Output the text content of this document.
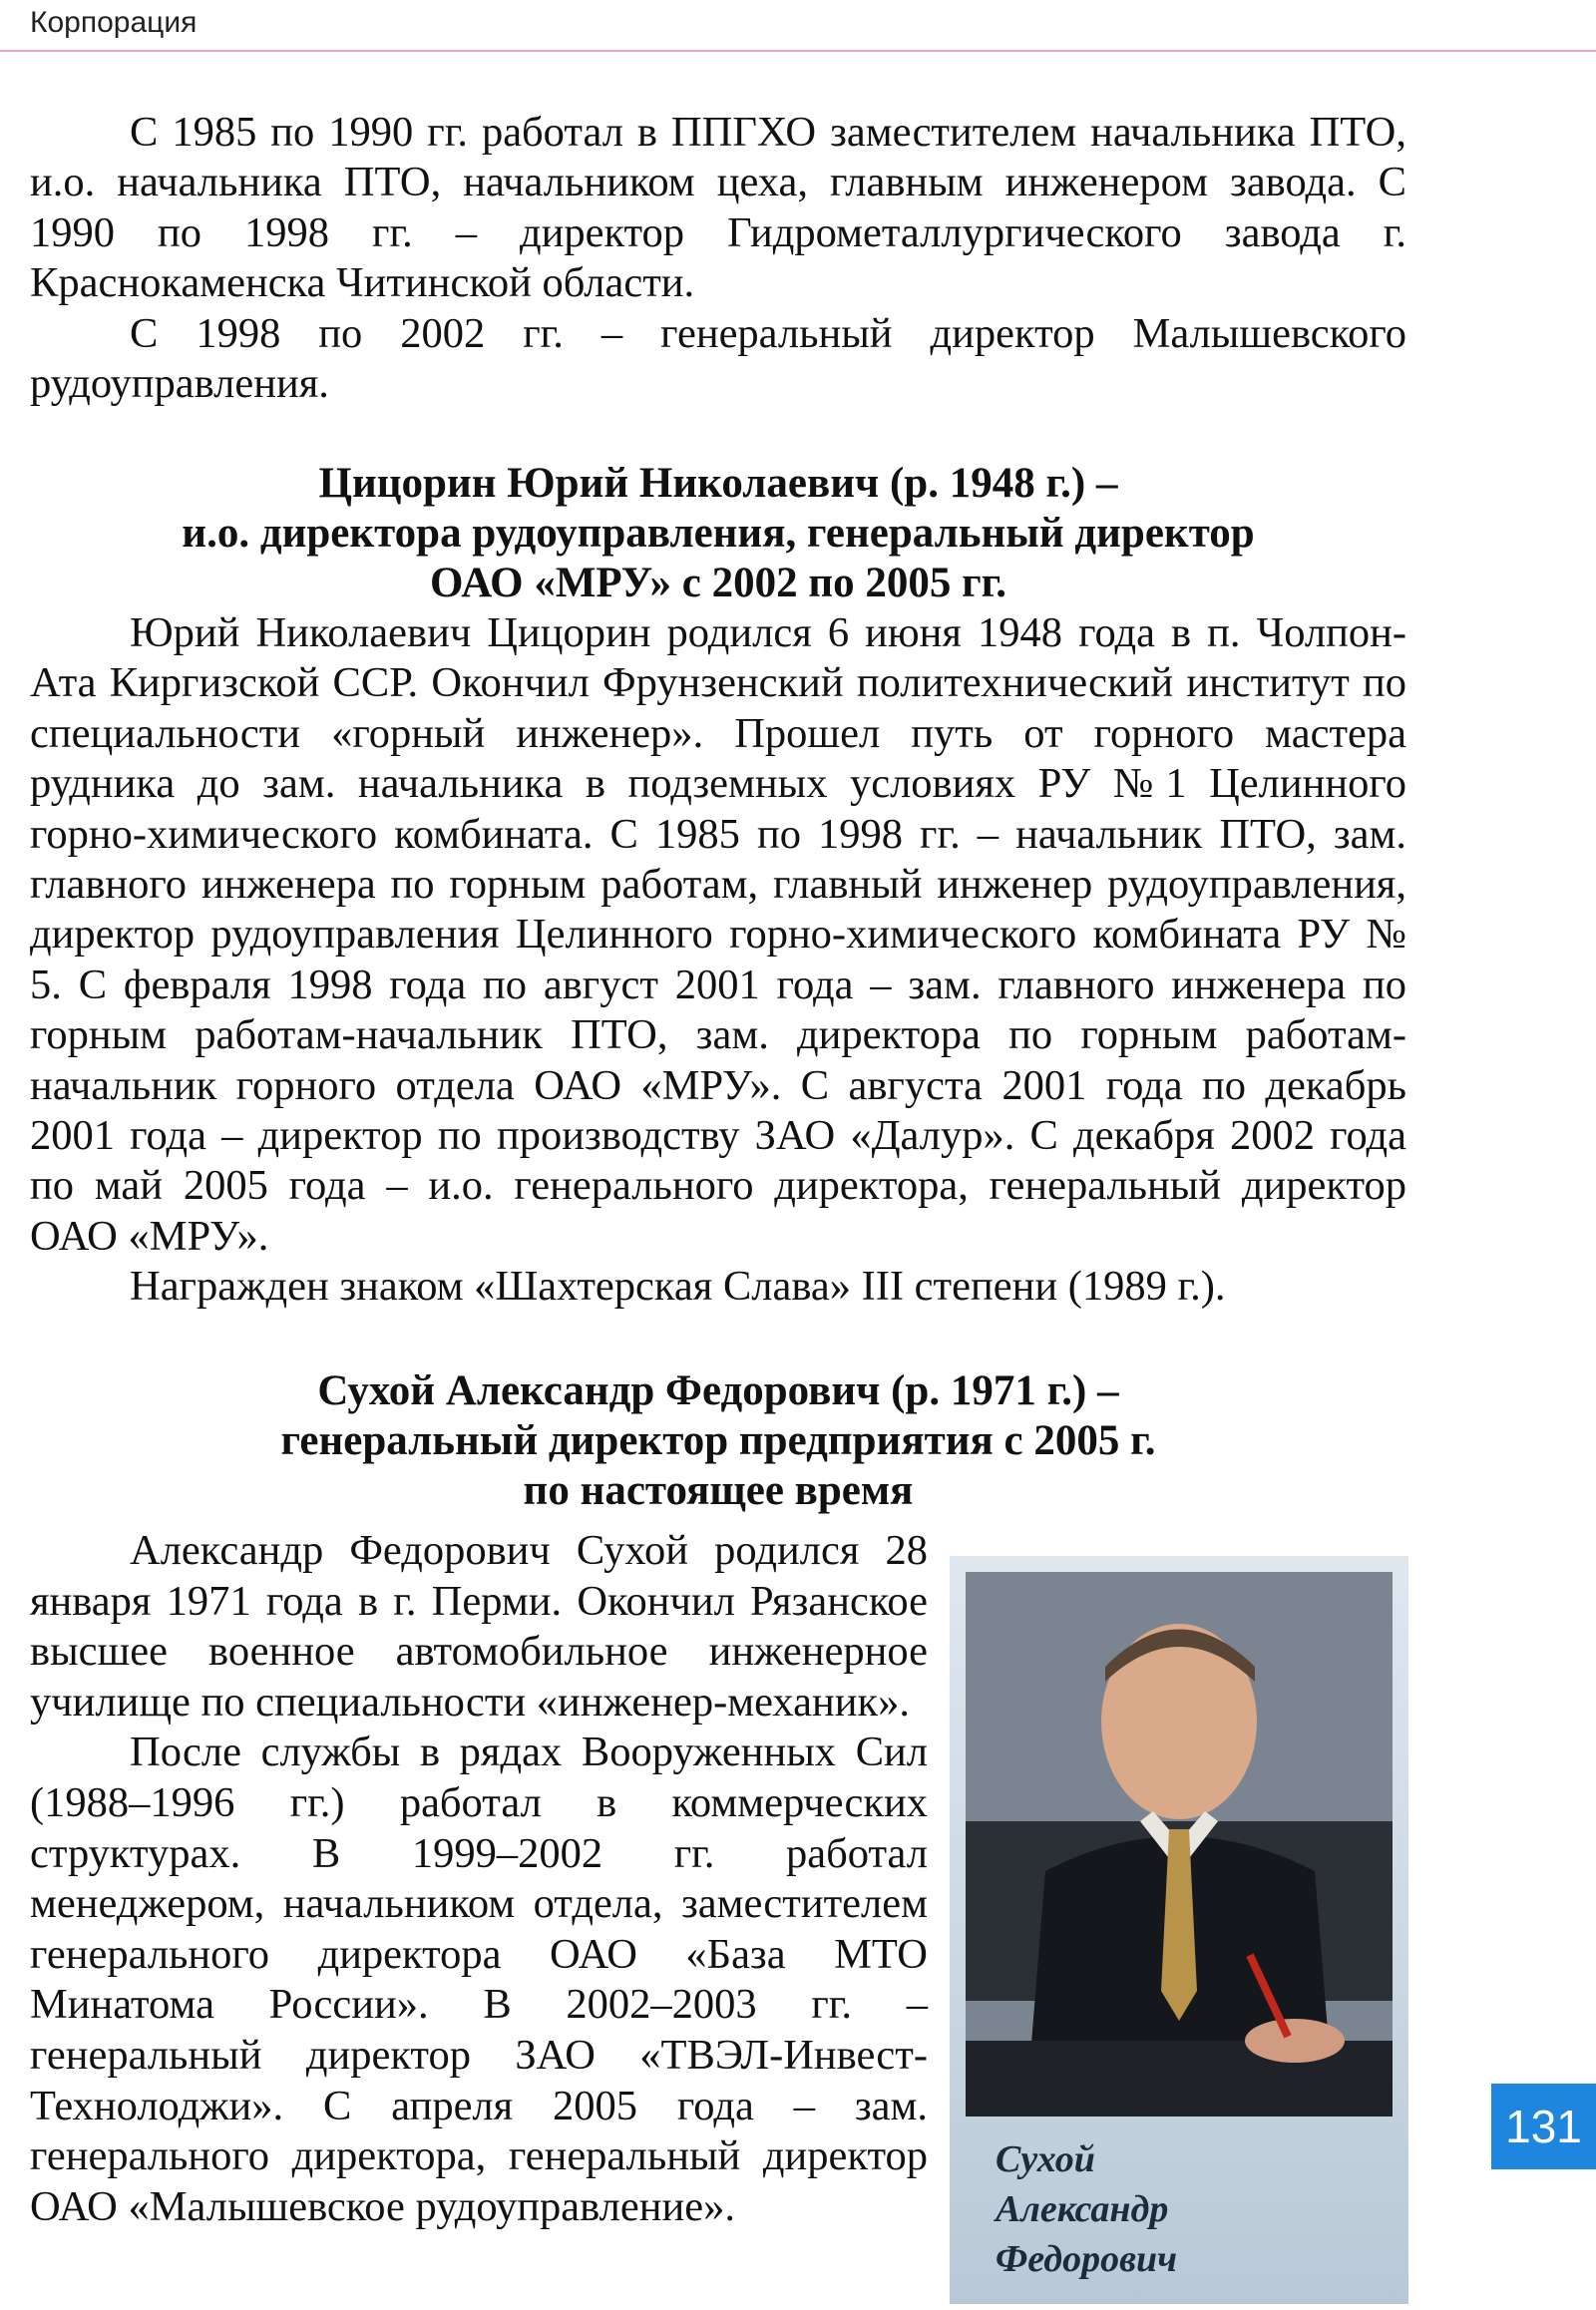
Корпорация

С 1985 по 1990 гг. работал в ППГХО заместителем начальника ПТО, и.о. начальника ПТО, начальником цеха, главным инженером завода. С 1990 по 1998 гг. – директор Гидрометаллургического завода г. Краснокаменска Читинской области.

С 1998 по 2002 гг. – генеральный директор Малышевского рудоуправления.

Цицорин Юрий Николаевич (р. 1948 г.) –
и.о. директора рудоуправления, генеральный директор
ОАО «МРУ» с 2002 по 2005 гг.

Юрий Николаевич Цицорин родился 6 июня 1948 года в п. Чолпон-Ата Киргизской ССР. Окончил Фрунзенский политехнический институт по специальности «горный инженер». Прошел путь от горного мастера рудника до зам. начальника в подземных условиях РУ №1 Целинного горно-химического комбината. С 1985 по 1998 гг. – начальник ПТО, зам. главного инженера по горным работам, главный инженер рудоуправления, директор рудоуправления Целинного горно-химического комбината РУ № 5. С февраля 1998 года по август 2001 года – зам. главного инженера по горным работам-начальник ПТО, зам. директора по горным работам-начальник горного отдела ОАО «МРУ». С августа 2001 года по декабрь 2001 года – директор по производству ЗАО «Далур». С декабря 2002 года по май 2005 года – и.о. генерального директора, генеральный директор ОАО «МРУ».

Награжден знаком «Шахтерская Слава» III степени (1989 г.).

Сухой Александр Федорович (р. 1971 г.) –
генеральный директор предприятия с 2005 г.
по настоящее время

Александр Федорович Сухой родился 28 января 1971 года в г. Перми. Окончил Рязанское высшее военное автомобильное инженерное училище по специальности «инженер-механик».

После службы в рядах Вооруженных Сил (1988–1996 гг.) работал в коммерческих структурах. В 1999–2002 гг. работал менеджером, начальником отдела, заместителем генерального директора ОАО «База МТО Минатома России». В 2002–2003 гг. – генеральный директор ЗАО «ТВЭЛ-Инвест-Технолоджи». С апреля 2005 года – зам. генерального директора, генеральный директор ОАО «Малышевское рудоуправление».

Сухой
Александр
Федорович
131
